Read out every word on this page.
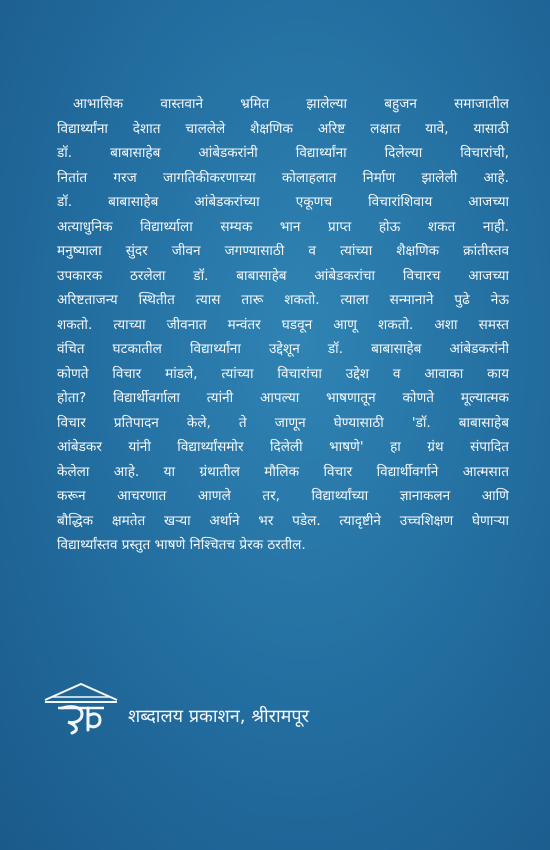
आभासिक वास्तवाने भ्रमित झालेल्या बहुजन समाजातील
विद्यार्थ्यांना देशात चाललेले शैक्षणिक अरिष्ट लक्षात यावे, यासाठी
डॉ. बाबासाहेब आंबेडकरांनी विद्यार्थ्यांना दिलेल्या विचारांची,
नितांत गरज जागतिकीकरणाच्या कोलाहलात निर्माण झालेली आहे.
डॉ. बाबासाहेब आंबेडकरांच्या एकूणच विचारांशिवाय आजच्या
अत्याधुनिक विद्यार्थ्याला सम्यक भान प्राप्त होऊ शकत नाही.
मनुष्याला सुंदर जीवन जगण्यासाठी व त्यांच्या शैक्षणिक क्रांतीस्तव
उपकारक ठरलेला डॉ. बाबासाहेब आंबेडकरांचा विचारच आजच्या
अरिष्टताजन्य स्थितीत त्यास तारू शकतो. त्याला सन्मानाने पुढे नेऊ
शकतो. त्याच्या जीवनात मन्वंतर घडवून आणू शकतो. अशा समस्त
वंचित घटकातील विद्यार्थ्यांना उद्देशून डॉ. बाबासाहेब आंबेडकरांनी
कोणते विचार मांडले, त्यांच्या विचारांचा उद्देश व आवाका काय
होता? विद्यार्थीवर्गाला त्यांनी आपल्या भाषणातून कोणते मूल्यात्मक
विचार प्रतिपादन केले, ते जाणून घेण्यासाठी 'डॉ. बाबासाहेब
आंबेडकर यांनी विद्यार्थ्यांसमोर दिलेली भाषणे' हा ग्रंथ संपादित
केलेला आहे. या ग्रंथातील मौलिक विचार विद्यार्थीवर्गाने आत्मसात
करून आचरणात आणले तर, विद्यार्थ्यांच्या ज्ञानाकलन आणि
बौद्धिक क्षमतेत खऱ्या अर्थाने भर पडेल. त्यादृष्टीने उच्चशिक्षण घेणाऱ्या
विद्यार्थ्यांस्तव प्रस्तुत भाषणे निश्चितच प्रेरक ठरतील.

शब्दालय प्रकाशन, श्रीरामपूर
